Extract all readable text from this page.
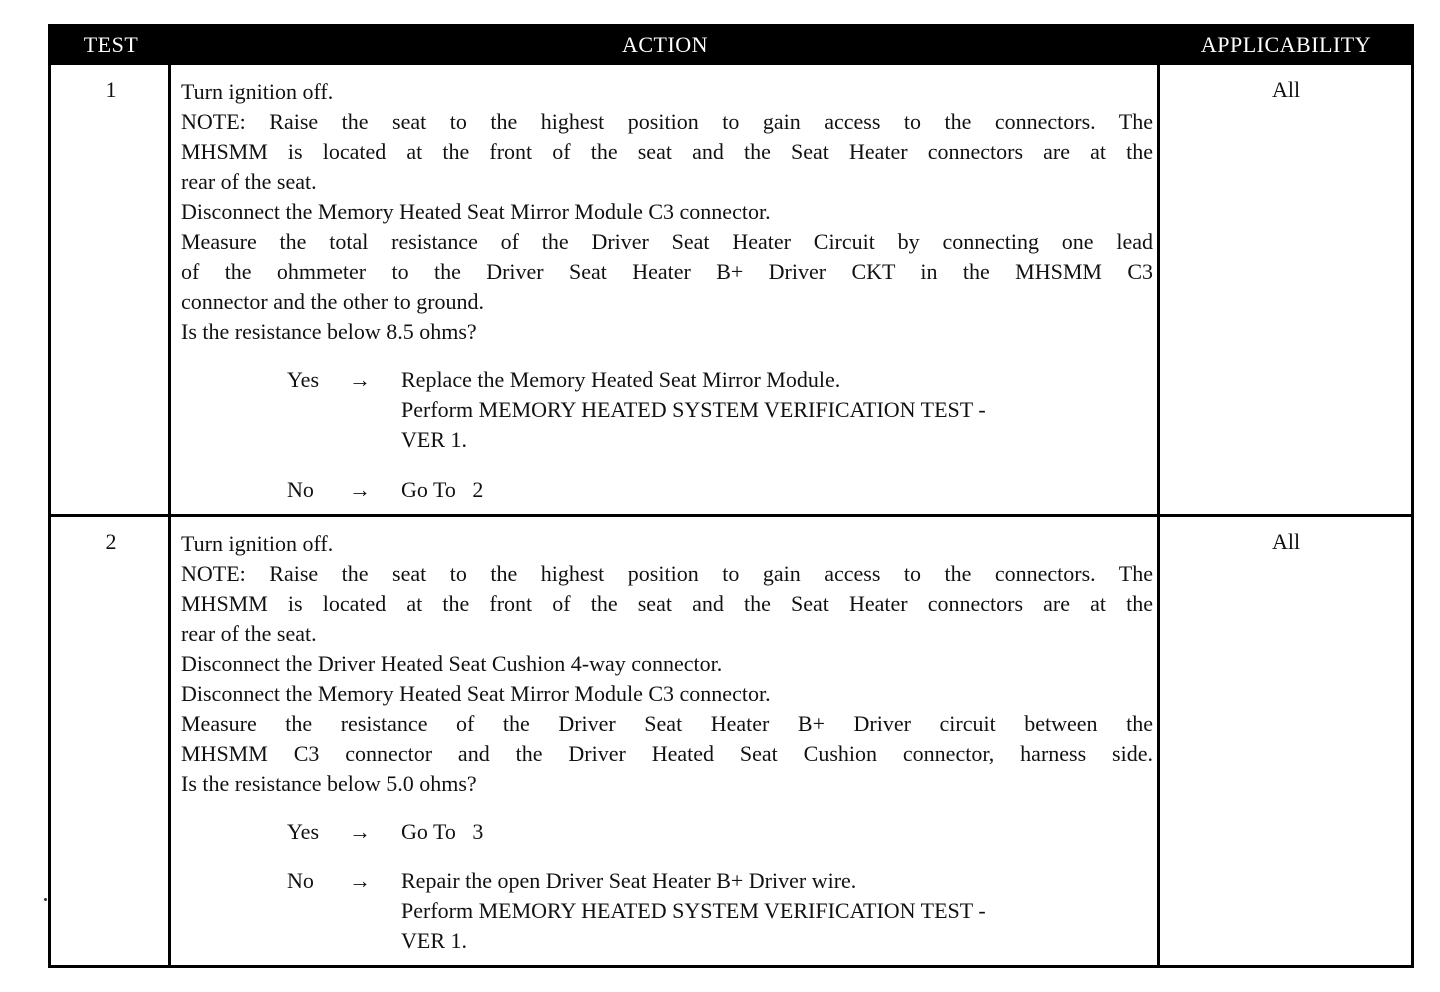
TEST	ACTION	APPLICABILITY
1	Turn ignition off.
NOTE: Raise the seat to the highest position to gain access to the connectors. The
MHSMM is located at the front of the seat and the Seat Heater connectors are at the
rear of the seat.
Disconnect the Memory Heated Seat Mirror Module C3 connector.
Measure the total resistance of the Driver Seat Heater Circuit by connecting one lead
of the ohmmeter to the Driver Seat Heater B+ Driver CKT in the MHSMM C3
connector and the other to ground.
Is the resistance below 8.5 ohms?
Yes	→	Replace the Memory Heated Seat Mirror Module.
Perform MEMORY HEATED SYSTEM VERIFICATION TEST -
VER 1.
No	→	Go To   2
All
2	Turn ignition off.
NOTE: Raise the seat to the highest position to gain access to the connectors. The
MHSMM is located at the front of the seat and the Seat Heater connectors are at the
rear of the seat.
Disconnect the Driver Heated Seat Cushion 4-way connector.
Disconnect the Memory Heated Seat Mirror Module C3 connector.
Measure the resistance of the Driver Seat Heater B+ Driver circuit between the
MHSMM C3 connector and the Driver Heated Seat Cushion connector, harness side.
Is the resistance below 5.0 ohms?
Yes	→	Go To   3
No	→	Repair the open Driver Seat Heater B+ Driver wire.
Perform MEMORY HEATED SYSTEM VERIFICATION TEST -
VER 1.
All
